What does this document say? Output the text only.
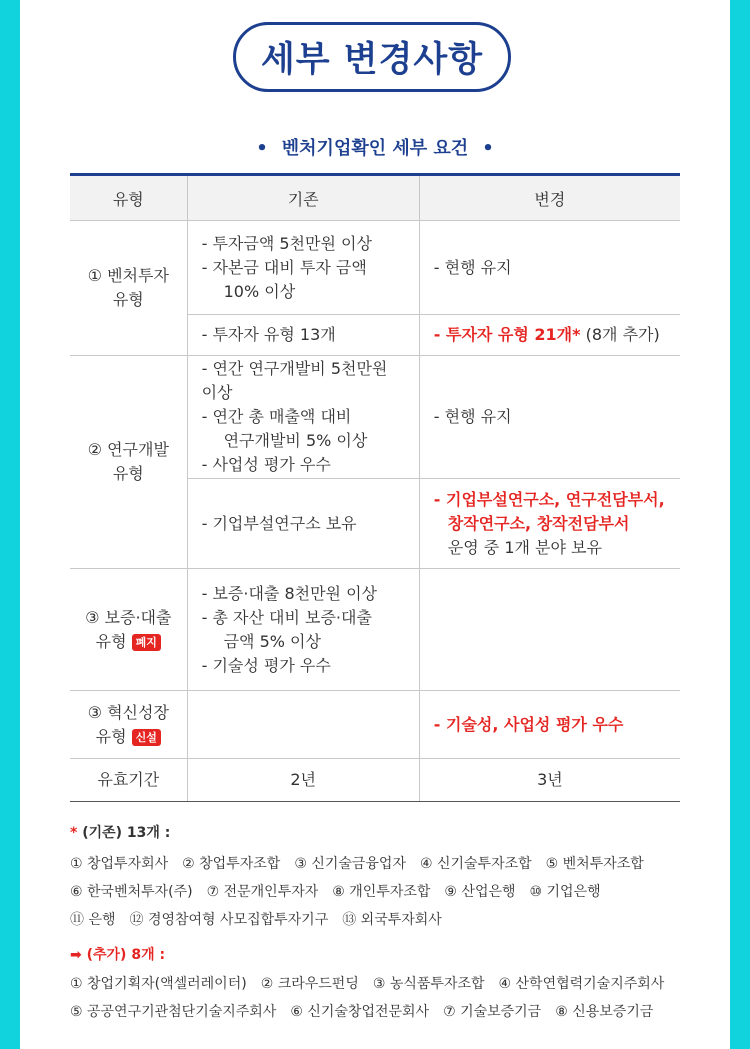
세부 변경사항
• 벤처기업확인 세부 요건 •
유형	기존	변경

① 벤처투자
유형	- 투자금액 5천만원 이상
- 자본금 대비 투자 금액
10% 이상	- 현행 유지
	- 투자자 유형 13개	- 투자자 유형 21개* (8개 추가)

② 연구개발
유형	- 연간 연구개발비 5천만원 이상
- 연간 총 매출액 대비
연구개발비 5% 이상
- 사업성 평가 우수	- 현행 유지
	- 기업부설연구소 보유	- 기업부설연구소, 연구전담부서,
창작연구소, 창작전담부서
운영 중 1개 분야 보유

③ 보증·대출
유형 폐지	- 보증·대출 8천만원 이상
- 총 자산 대비 보증·대출
금액 5% 이상
- 기술성 평가 우수	

③ 혁신성장
유형 신설		- 기술성, 사업성 평가 우수
유효기간	2년	3년
* (기존) 13개 :
① 창업투자회사 ② 창업투자조합 ③ 신기술금융업자 ④ 신기술투자조합 ⑤ 벤처투자조합
⑥ 한국벤처투자(주) ⑦ 전문개인투자자 ⑧ 개인투자조합 ⑨ 산업은행 ⑩ 기업은행
⑪ 은행 ⑫ 경영참여형 사모집합투자기구 ⑬ 외국투자회사
➡ (추가) 8개 :
① 창업기획자(액셀러레이터) ② 크라우드펀딩 ③ 농식품투자조합 ④ 산학연협력기술지주회사
⑤ 공공연구기관첨단기술지주회사 ⑥ 신기술창업전문회사 ⑦ 기술보증기금 ⑧ 신용보증기금
